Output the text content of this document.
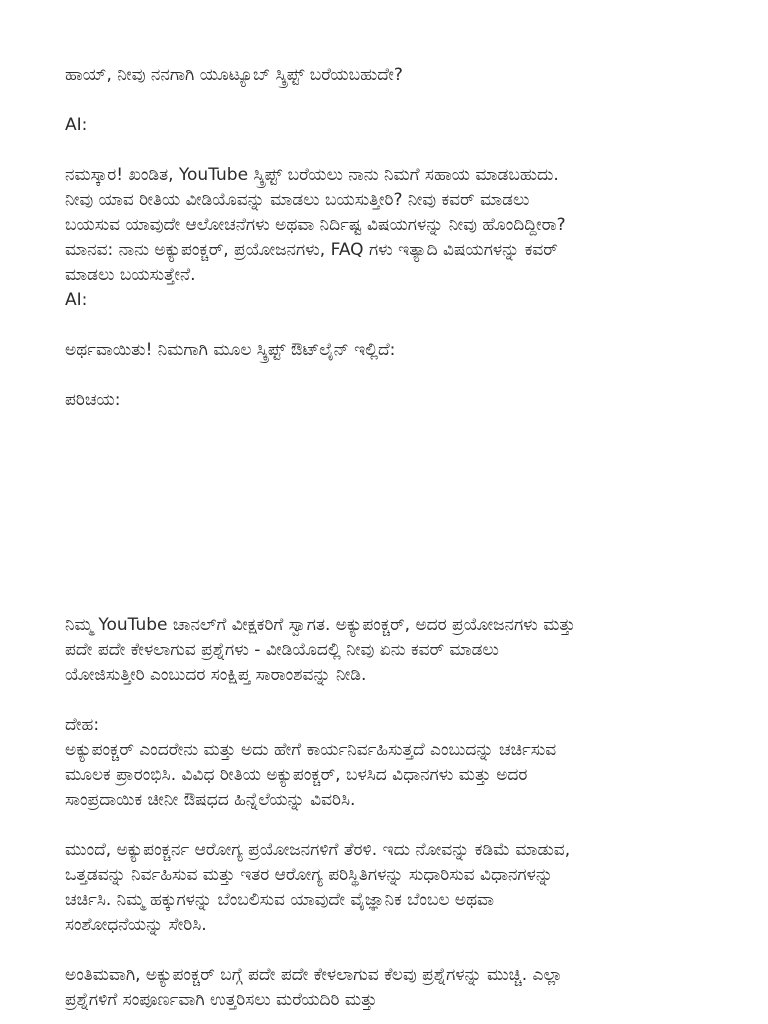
ಹಾಯ್, ನೀವು ನನಗಾಗಿ ಯೂಟ್ಯೂಬ್ ಸ್ಕ್ರಿಪ್ಟ್ ಬರೆಯಬಹುದೇ?
AI:
ನಮಸ್ಕಾರ! ಖಂಡಿತ, YouTube ಸ್ಕ್ರಿಪ್ಟ್ ಬರೆಯಲು ನಾನು ನಿಮಗೆ ಸಹಾಯ ಮಾಡಬಹುದು.
ನೀವು ಯಾವ ರೀತಿಯ ವೀಡಿಯೊವನ್ನು ಮಾಡಲು ಬಯಸುತ್ತೀರಿ? ನೀವು ಕವರ್ ಮಾಡಲು
ಬಯಸುವ ಯಾವುದೇ ಆಲೋಚನೆಗಳು ಅಥವಾ ನಿರ್ದಿಷ್ಟ ವಿಷಯಗಳನ್ನು ನೀವು ಹೊಂದಿದ್ದೀರಾ?
ಮಾನವ: ನಾನು ಅಕ್ಯುಪಂಕ್ಚರ್, ಪ್ರಯೋಜನಗಳು, FAQ ಗಳು ಇತ್ಯಾದಿ ವಿಷಯಗಳನ್ನು ಕವರ್
ಮಾಡಲು ಬಯಸುತ್ತೇನೆ.
AI:
ಅರ್ಥವಾಯಿತು! ನಿಮಗಾಗಿ ಮೂಲ ಸ್ಕ್ರಿಪ್ಟ್ ಔಟ್‌ಲೈನ್ ಇಲ್ಲಿದೆ:
ಪರಿಚಯ:
ನಿಮ್ಮ YouTube ಚಾನಲ್‌ಗೆ ವೀಕ್ಷಕರಿಗೆ ಸ್ವಾಗತ. ಅಕ್ಯುಪಂಕ್ಚರ್, ಅದರ ಪ್ರಯೋಜನಗಳು ಮತ್ತು
ಪದೇ ಪದೇ ಕೇಳಲಾಗುವ ಪ್ರಶ್ನೆಗಳು - ವೀಡಿಯೊದಲ್ಲಿ ನೀವು ಏನು ಕವರ್ ಮಾಡಲು
ಯೋಜಿಸುತ್ತೀರಿ ಎಂಬುದರ ಸಂಕ್ಷಿಪ್ತ ಸಾರಾಂಶವನ್ನು ನೀಡಿ.
ದೇಹ:
ಅಕ್ಯುಪಂಕ್ಚರ್ ಎಂದರೇನು ಮತ್ತು ಅದು ಹೇಗೆ ಕಾರ್ಯನಿರ್ವಹಿಸುತ್ತದೆ ಎಂಬುದನ್ನು ಚರ್ಚಿಸುವ
ಮೂಲಕ ಪ್ರಾರಂಭಿಸಿ. ವಿವಿಧ ರೀತಿಯ ಅಕ್ಯುಪಂಕ್ಚರ್, ಬಳಸಿದ ವಿಧಾನಗಳು ಮತ್ತು ಅದರ
ಸಾಂಪ್ರದಾಯಿಕ ಚೀನೀ ಔಷಧದ ಹಿನ್ನೆಲೆಯನ್ನು ವಿವರಿಸಿ.
ಮುಂದೆ, ಅಕ್ಯುಪಂಕ್ಚರ್ನ ಆರೋಗ್ಯ ಪ್ರಯೋಜನಗಳಿಗೆ ತೆರಳಿ. ಇದು ನೋವನ್ನು ಕಡಿಮೆ ಮಾಡುವ,
ಒತ್ತಡವನ್ನು ನಿರ್ವಹಿಸುವ ಮತ್ತು ಇತರ ಆರೋಗ್ಯ ಪರಿಸ್ಥಿತಿಗಳನ್ನು ಸುಧಾರಿಸುವ ವಿಧಾನಗಳನ್ನು
ಚರ್ಚಿಸಿ. ನಿಮ್ಮ ಹಕ್ಕುಗಳನ್ನು ಬೆಂಬಲಿಸುವ ಯಾವುದೇ ವೈಜ್ಞಾನಿಕ ಬೆಂಬಲ ಅಥವಾ
ಸಂಶೋಧನೆಯನ್ನು ಸೇರಿಸಿ.
ಅಂತಿಮವಾಗಿ, ಅಕ್ಯುಪಂಕ್ಚರ್ ಬಗ್ಗೆ ಪದೇ ಪದೇ ಕೇಳಲಾಗುವ ಕೆಲವು ಪ್ರಶ್ನೆಗಳನ್ನು ಮುಚ್ಚಿ. ಎಲ್ಲಾ
ಪ್ರಶ್ನೆಗಳಿಗೆ ಸಂಪೂರ್ಣವಾಗಿ ಉತ್ತರಿಸಲು ಮರೆಯದಿರಿ ಮತ್ತು
